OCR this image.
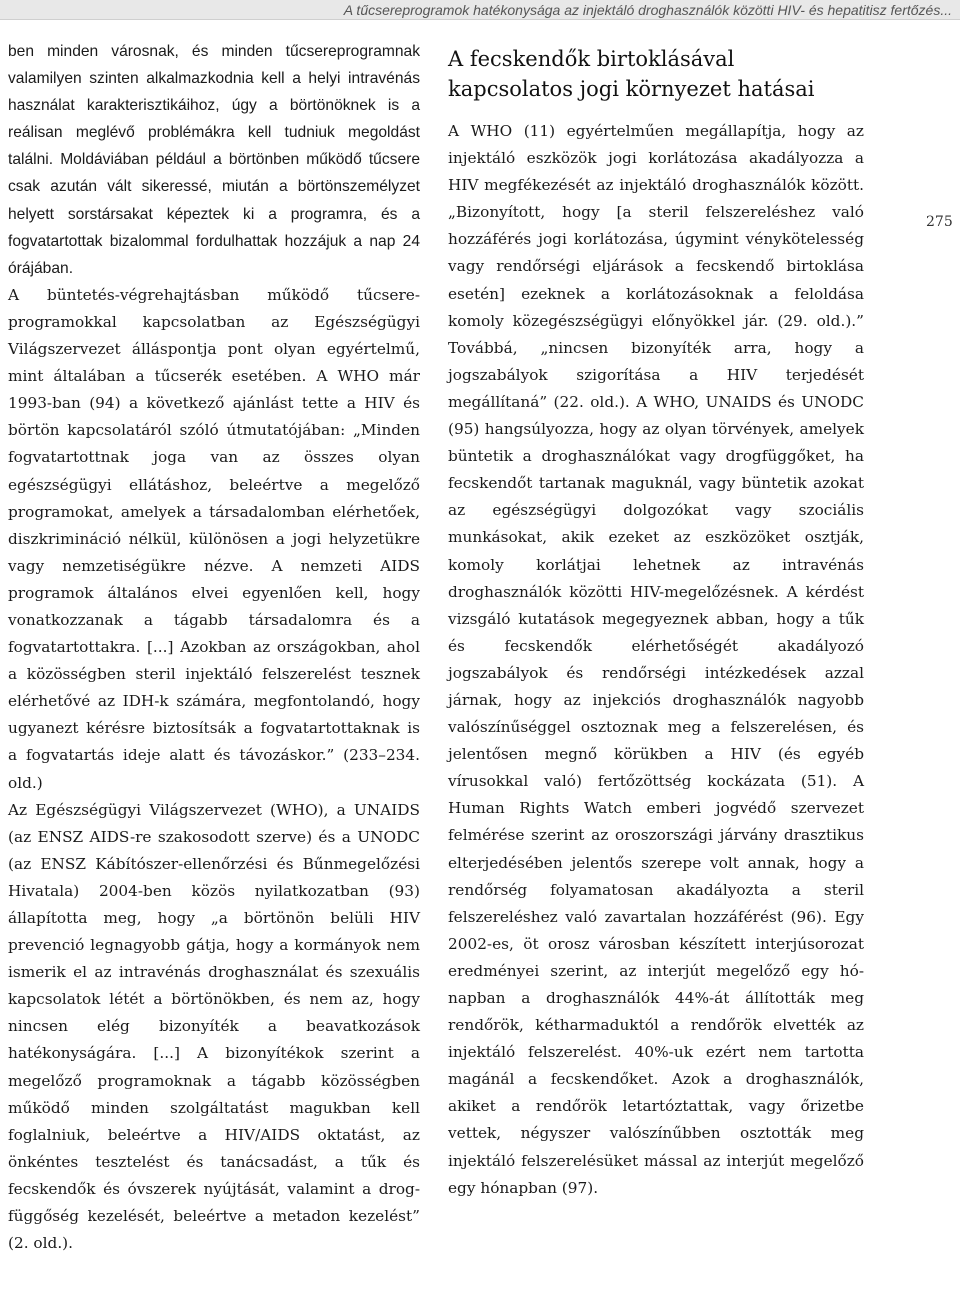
A tűcsereprogramok hatékonysága az injektáló droghasználók közötti HIV- és hepatitisz fertőzés...

ben minden városnak, és minden tűcsereprogramnak valamilyen szinten alkalmazkodnia kell a helyi intravénás használat karakterisztikáihoz, úgy a börtönöknek is a reálisan meglévő problémákra kell tudniuk megoldást találni. Moldáviában például a börtönben működő tűcsere csak azután vált sikeressé, miután a börtönszemélyzet helyett sorstársakat képeztek ki a programra, és a fogvatartottak bizalommal fordulhattak hozzájuk a nap 24 órájában.

A büntetés-végrehajtásban működő tűcsereprogramokkal kapcsolatban az Egészségügyi Világszervezet álláspontja pont olyan egyértelmű, mint általában a tűcserék esetében. A WHO már 1993-ban (94) a következő ajánlást tette a HIV és börtön kapcsolatáról szóló útmutatójában: „Minden fogvatartottnak joga van az összes olyan egészségügyi ellátáshoz, beleértve a megelőző programokat, amelyek a társadalomban elérhetőek, diszkrimináció nélkül, különösen a jogi helyzetükre vagy nemzetiségükre nézve. A nemzeti AIDS programok általános elvei egyenlően kell, hogy vonatkozzanak a tágabb társadalomra és a fogvatartottakra. [...] Azokban az országokban, ahol a közösségben steril injektáló felszerelést tesznek elérhetővé az IDH-k számára, megfontolandó, hogy ugyanezt kérésre biztosítsák a fogvatartottaknak is a fogvatartás ideje alatt és távozáskor.” (233–234. old.)

Az Egészségügyi Világszervezet (WHO), a UNAIDS (az ENSZ AIDS-re szakosodott szerve) és a UNODC (az ENSZ Kábítószer-ellenőrzési és Bűnmegelőzési Hivatala) 2004-ben közös nyilatkozatban (93) állapította meg, hogy „a börtönön belüli HIV prevenció legnagyobb gátja, hogy a kormányok nem ismerik el az intravénás droghasználat és szexuális kapcsolatok létét a börtönökben, és nem az, hogy nincsen elég bizonyíték a beavatkozások hatékonyságára. [...] A bizonyítékok szerint a megelőző programoknak a tágabb közösségben működő minden szolgáltatást magukban kell foglalniuk, beleértve a HIV/AIDS oktatást, az önkéntes tesztelést és tanácsadást, a tűk és fecskendők és óvszerek nyújtását, valamint a drog-függőség kezelését, beleértve a metadon kezelést” (2. old.).

A fecskendők birtoklásával kapcsolatos jogi környezet hatásai

A WHO (11) egyértelműen megállapítja, hogy az injektáló eszközök jogi korlátozása akadályozza a HIV megfékezését az injektáló droghasználók között. „Bizonyított, hogy [a steril felszereléshez való hozzáférés jogi korlátozása, úgymint vénykötelesség vagy rendőrségi eljárások a fecskendő birtoklása esetén] ezeknek a korlátozásoknak a feloldása komoly közegészségügyi előnyökkel jár. (29. old.).” Továbbá, „nincsen bizonyíték arra, hogy a jogszabályok szigorítása a HIV terjedését megállítaná” (22. old.). A WHO, UNAIDS és UNODC (95) hangsúlyozza, hogy az olyan törvények, amelyek büntetik a droghasználókat vagy drogfüggőket, ha fecskendőt tartanak maguknál, vagy büntetik azokat az egészségügyi dolgozókat vagy szociális munkásokat, akik ezeket az eszközöket osztják, komoly korlátjai lehetnek az intravénás droghasználók közötti HIV-megelőzésnek. A kérdést vizsgáló kutatások megegyeznek abban, hogy a tűk és fecskendők elérhetőségét akadályozó jogszabályok és rendőrségi intézkedések azzal járnak, hogy az injekciós droghasználók nagyobb valószínűséggel osztoznak meg a felszerelésen, és jelentősen megnő körükben a HIV (és egyéb vírusokkal való) fertőzöttség kockázata (51). A Human Rights Watch emberi jogvédő szervezet felmérése szerint az oroszországi járvány drasztikus elterjedésében jelentős szerepe volt annak, hogy a rendőrség folyamatosan akadályozta a steril felszereléshez való zavartalan hozzáférést (96). Egy 2002-es, öt orosz városban készített interjúsorozat eredményei szerint, az interjút megelőző egy hónapban a droghasználók 44%-át állították meg rendőrök, kétharmaduktól a rendőrök elvették az injektáló felszerelést. 40%-uk ezért nem tartotta magánál a fecskendőket. Azok a droghasználók, akiket a rendőrök letartóztattak, vagy őrizetbe vettek, négyszer valószínűbben osztották meg injektáló felszerelésüket mással az interjút megelőző egy hónapban (97).

275
